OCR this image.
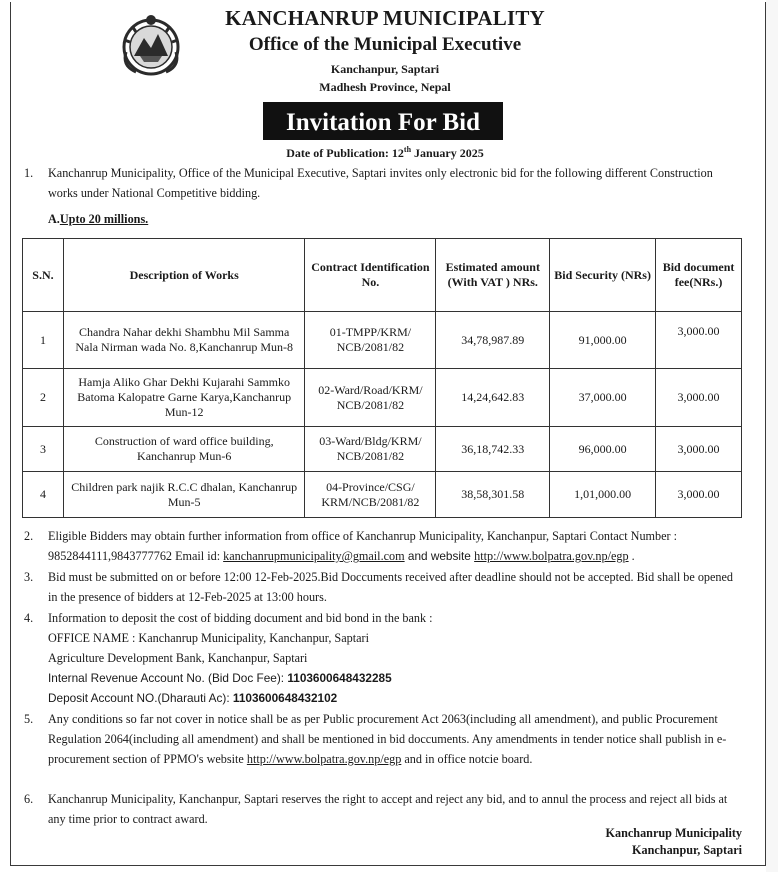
KANCHANRUP MUNICIPALITY
Office of the Municipal Executive
Kanchanpur, Saptari
Madhesh Province, Nepal
Invitation For Bid
Date of Publication: 12th January 2025
1. Kanchanrup Municipality, Office of the Municipal Executive, Saptari invites only electronic bid for the following different Construction works under National Competitive bidding.
A.Upto 20 millions.
S.N.	Description of Works	Contract Identification No.	Estimated amount (With VAT ) NRs.	Bid Security (NRs)	Bid document fee(NRs.)
1	Chandra Nahar dekhi Shambhu Mil Samma Nala Nirman wada No. 8,Kanchanrup Mun-8	01-TMPP/KRM/ NCB/2081/82	34,78,987.89	91,000.00	3,000.00
2	Hamja Aliko Ghar Dekhi Kujarahi Sammko Batoma Kalopatre Garne Karya,Kanchanrup Mun-12	02-Ward/Road/KRM/ NCB/2081/82	14,24,642.83	37,000.00	3,000.00
3	Construction of ward office building, Kanchanrup Mun-6	03-Ward/Bldg/KRM/ NCB/2081/82	36,18,742.33	96,000.00	3,000.00
4	Children park najik R.C.C dhalan, Kanchanrup Mun-5	04-Province/CSG/ KRM/NCB/2081/82	38,58,301.58	1,01,000.00	3,000.00
2. Eligible Bidders may obtain further information from office of Kanchanrup Municipality, Kanchanpur, Saptari Contact Number : 9852844111,9843777762 Email id: kanchanrupmunicipality@gmail.com and website http://www.bolpatra.gov.np/egp .
3. Bid must be submitted on or before 12:00 12-Feb-2025.Bid Doccuments received after deadline should not be accepted. Bid shall be opened in the presence of bidders at 12-Feb-2025 at 13:00 hours.
4. Information to deposit the cost of bidding document and bid bond in the bank :
OFFICE NAME : Kanchanrup Municipality, Kanchanpur, Saptari
Agriculture Development Bank, Kanchanpur, Saptari
Internal Revenue Account No. (Bid Doc Fee): 1103600648432285
Deposit Account NO.(Dharauti Ac): 1103600648432102
5. Any conditions so far not cover in notice shall be as per Public procurement Act 2063(including all amendment), and public Procurement Regulation 2064(including all amendment) and shall be mentioned in bid doccuments. Any amendments in tender notice shall publish in e-procurement section of PPMO's website http://www.bolpatra.gov.np/egp and in office notcie board.
6. Kanchanrup Municipality, Kanchanpur, Saptari reserves the right to accept and reject any bid, and to annul the process and reject all bids at any time prior to contract award.
Kanchanrup Municipality
Kanchanpur, Saptari
